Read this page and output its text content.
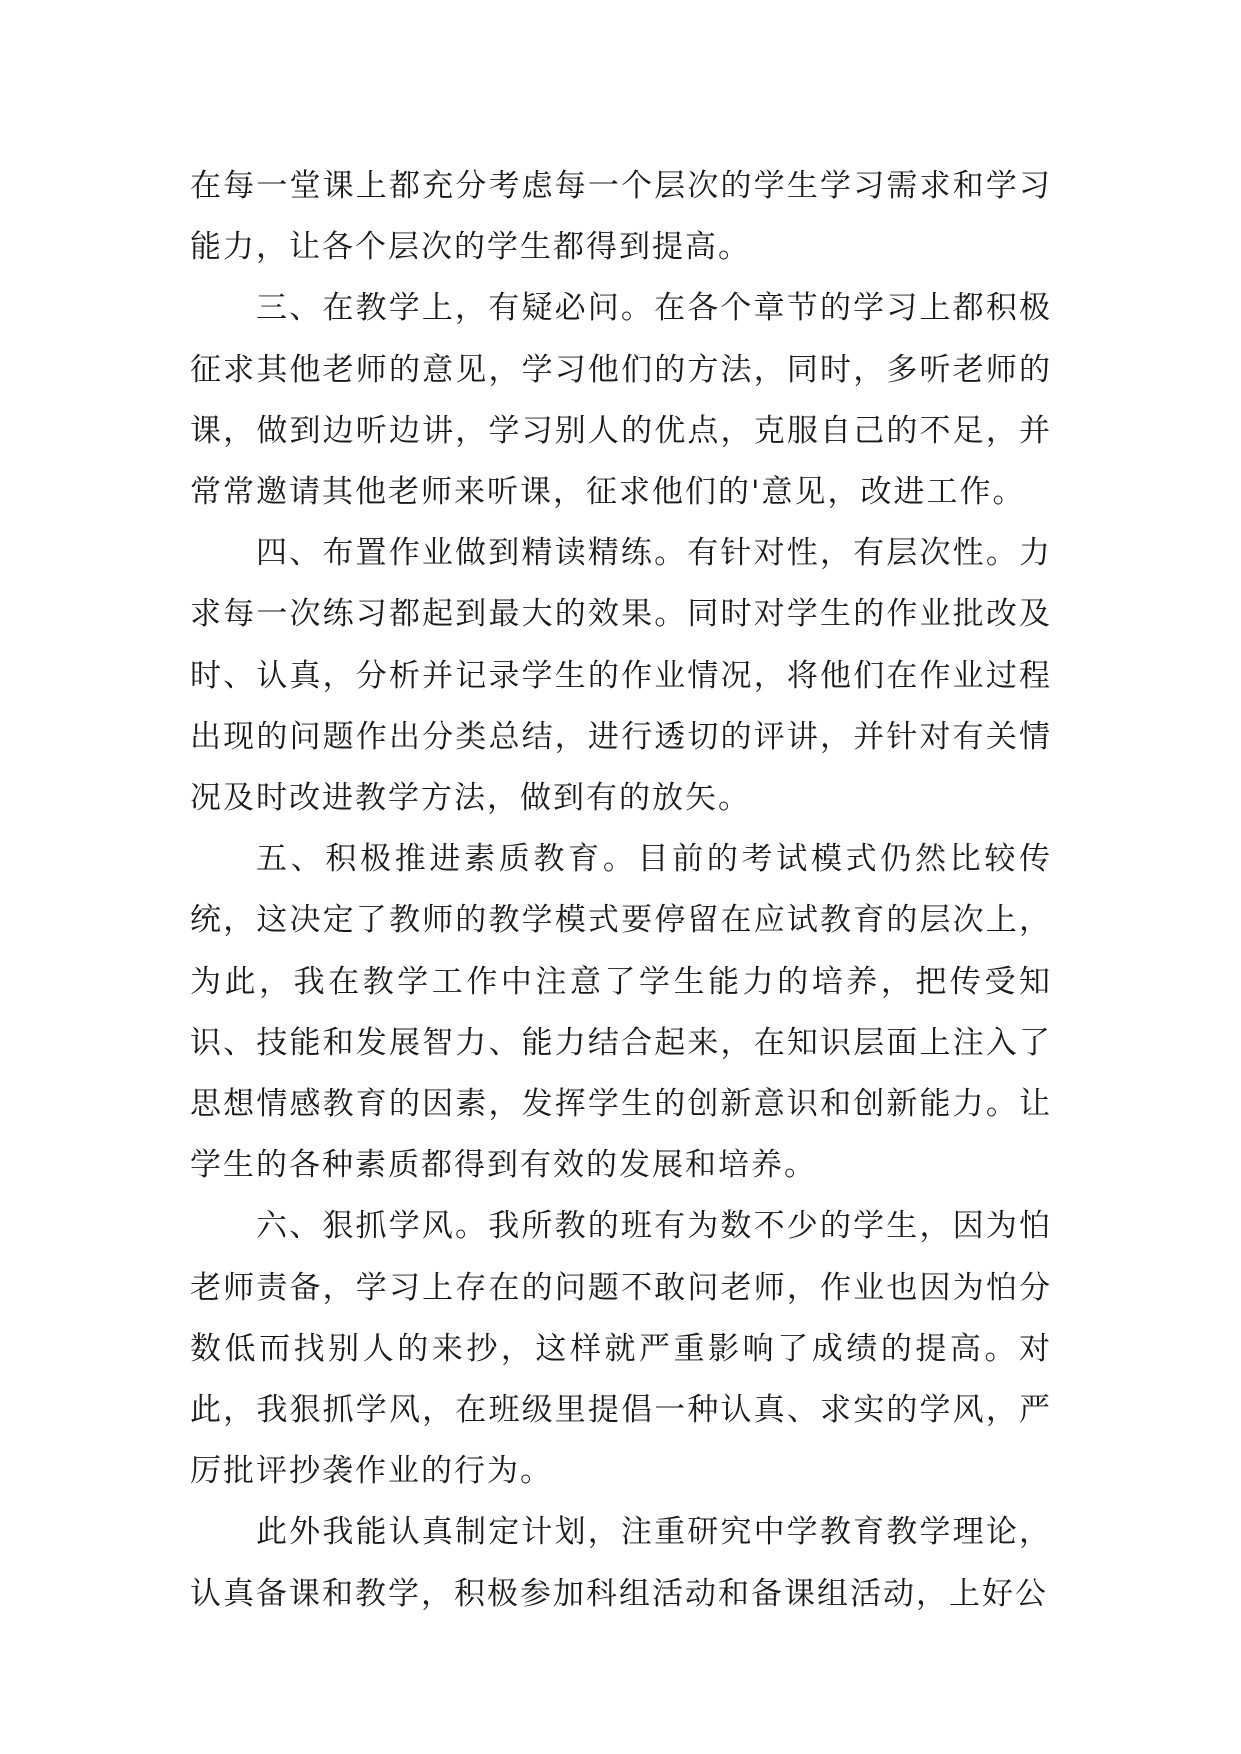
在每一堂课上都充分考虑每一个层次的学生学习需求和学习能力，让各个层次的学生都得到提高。

三、在教学上，有疑必问。在各个章节的学习上都积极征求其他老师的意见，学习他们的方法，同时，多听老师的课，做到边听边讲，学习别人的优点，克服自己的不足，并常常邀请其他老师来听课，征求他们的'意见，改进工作。

四、布置作业做到精读精练。有针对性，有层次性。力求每一次练习都起到最大的效果。同时对学生的作业批改及时、认真，分析并记录学生的作业情况，将他们在作业过程出现的问题作出分类总结，进行透切的评讲，并针对有关情况及时改进教学方法，做到有的放矢。

五、积极推进素质教育。目前的考试模式仍然比较传统，这决定了教师的教学模式要停留在应试教育的层次上，为此，我在教学工作中注意了学生能力的培养，把传受知识、技能和发展智力、能力结合起来，在知识层面上注入了思想情感教育的因素，发挥学生的创新意识和创新能力。让学生的各种素质都得到有效的发展和培养。

六、狠抓学风。我所教的班有为数不少的学生，因为怕老师责备，学习上存在的问题不敢问老师，作业也因为怕分数低而找别人的来抄，这样就严重影响了成绩的提高。对此，我狠抓学风，在班级里提倡一种认真、求实的学风，严厉批评抄袭作业的行为。

此外我能认真制定计划，注重研究中学教育教学理论，认真备课和教学，积极参加科组活动和备课组活动，上好公
